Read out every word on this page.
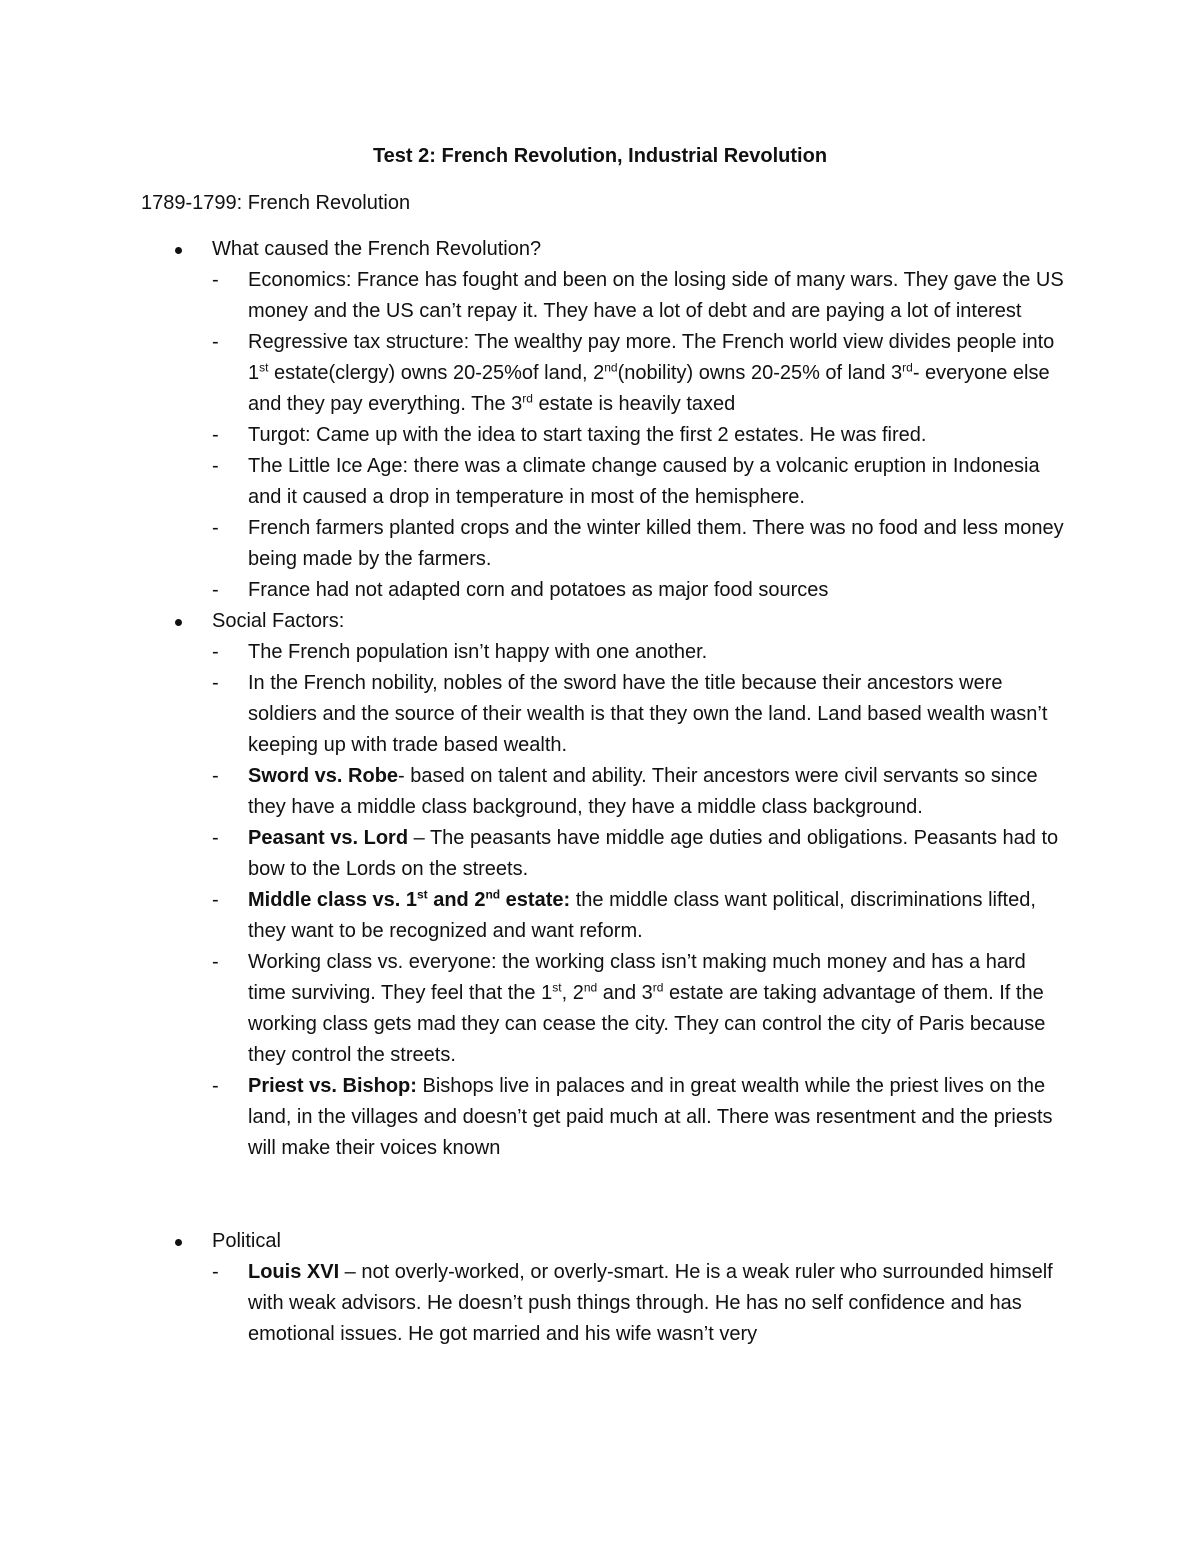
Test 2: French Revolution, Industrial Revolution
1789-1799: French Revolution
What caused the French Revolution?
- Economics: France has fought and been on the losing side of many wars. They gave the US money and the US can’t repay it. They have a lot of debt and are paying a lot of interest
- Regressive tax structure: The wealthy pay more. The French world view divides people into 1st estate(clergy) owns 20-25%of land, 2nd(nobility) owns 20-25% of land 3rd- everyone else and they pay everything. The 3rd estate is heavily taxed
- Turgot: Came up with the idea to start taxing the first 2 estates. He was fired.
- The Little Ice Age: there was a climate change caused by a volcanic eruption in Indonesia and it caused a drop in temperature in most of the hemisphere.
- French farmers planted crops and the winter killed them. There was no food and less money being made by the farmers.
- France had not adapted corn and potatoes as major food sources
Social Factors:
- The French population isn’t happy with one another.
- In the French nobility, nobles of the sword have the title because their ancestors were soldiers and the source of their wealth is that they own the land. Land based wealth wasn’t keeping up with trade based wealth.
- Sword vs. Robe- based on talent and ability. Their ancestors were civil servants so since they have a middle class background, they have a middle class background.
- Peasant vs. Lord – The peasants have middle age duties and obligations. Peasants had to bow to the Lords on the streets.
- Middle class vs. 1st and 2nd estate: the middle class want political, discriminations lifted, they want to be recognized and want reform.
- Working class vs. everyone: the working class isn’t making much money and has a hard time surviving. They feel that the 1st, 2nd and 3rd estate are taking advantage of them. If the working class gets mad they can cease the city. They can control the city of Paris because they control the streets.
- Priest vs. Bishop: Bishops live in palaces and in great wealth while the priest lives on the land, in the villages and doesn’t get paid much at all. There was resentment and the priests will make their voices known
Political
- Louis XVI – not overly-worked, or overly-smart. He is a weak ruler who surrounded himself with weak advisors. He doesn’t push things through. He has no self confidence and has emotional issues. He got married and his wife wasn’t very
